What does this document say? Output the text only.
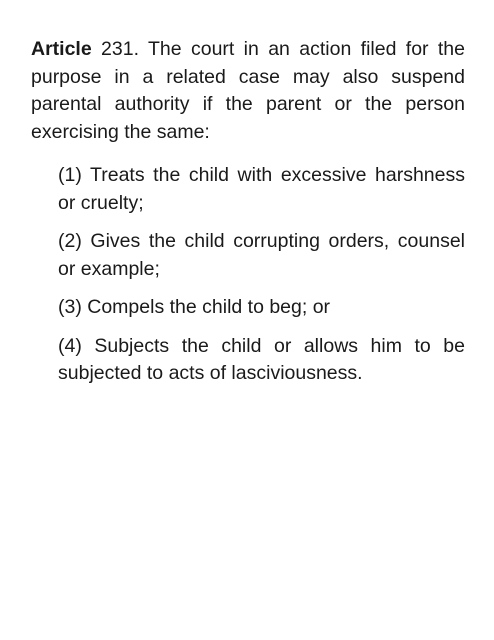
Article 231. The court in an action filed for the purpose in a related case may also suspend parental authority if the parent or the person exercising the same:

(1) Treats the child with excessive harshness or cruelty;
(2) Gives the child corrupting orders, counsel or example;
(3) Compels the child to beg; or
(4) Subjects the child or allows him to be subjected to acts of lasciviousness.
